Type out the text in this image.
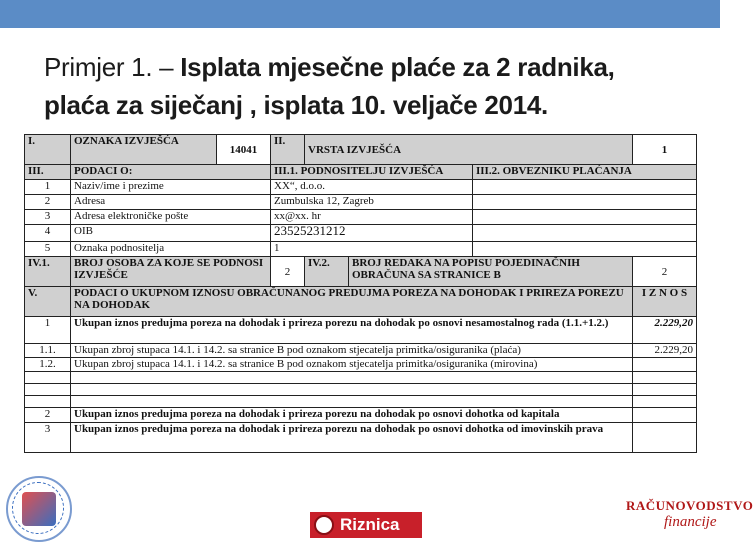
Primjer 1. – Isplata mjesečne plaće za 2 radnika,
plaća za siječanj , isplata 10. veljače 2014.
I.	OZNAKA IZVJEŠĆA	14041	II.	VRSTA IZVJEŠĆA			1
III.	PODACI O:		III.1. PODNOSITELJU IZVJEŠĆA			III.2. OBVEZNIKU PLAĆANJA	
1	Naziv/ime i prezime		XX“, d.o.o.				
2	Adresa		Zumbulska 12, Zagreb				
3	Adresa elektroničke pošte		xx@xx. hr				
4	OIB		23525231212				
5	Oznaka podnositelja		1				
IV.1.	BROJ OSOBA ZA KOJE SE PODNOSI IZVJEŠĆE		2	IV.2.	BROJ REDAKA NA POPISU POJEDINAČNIH OBRAČUNA SA STRANICE B		2
V.	PODACI O UKUPNOM IZNOSU OBRAČUNANOG PREDUJMA POREZA NA DOHODAK I PRIREZA POREZU NA DOHODAK						I Z N O S
1	Ukupan iznos predujma poreza na dohodak i prireza porezu na dohodak po osnovi nesamostalnog rada (1.1.+1.2.)						2.229,20
1.1.	Ukupan zbroj stupaca 14.1. i 14.2. sa stranice B pod oznakom stjecatelja primitka/osiguranika (plaća)						2.229,20
1.2.	Ukupan zbroj stupaca 14.1. i 14.2. sa stranice B pod oznakom stjecatelja primitka/osiguranika (mirovina)						

2	Ukupan iznos predujma poreza na dohodak i prireza porezu na dohodak po osnovi dohotka od kapitala						
3	Ukupan iznos predujma poreza na dohodak i prireza porezu na dohodak po osnovi dohotka od imovinskih prava						
Riznica
RAČUNOVODSTVO
financije
